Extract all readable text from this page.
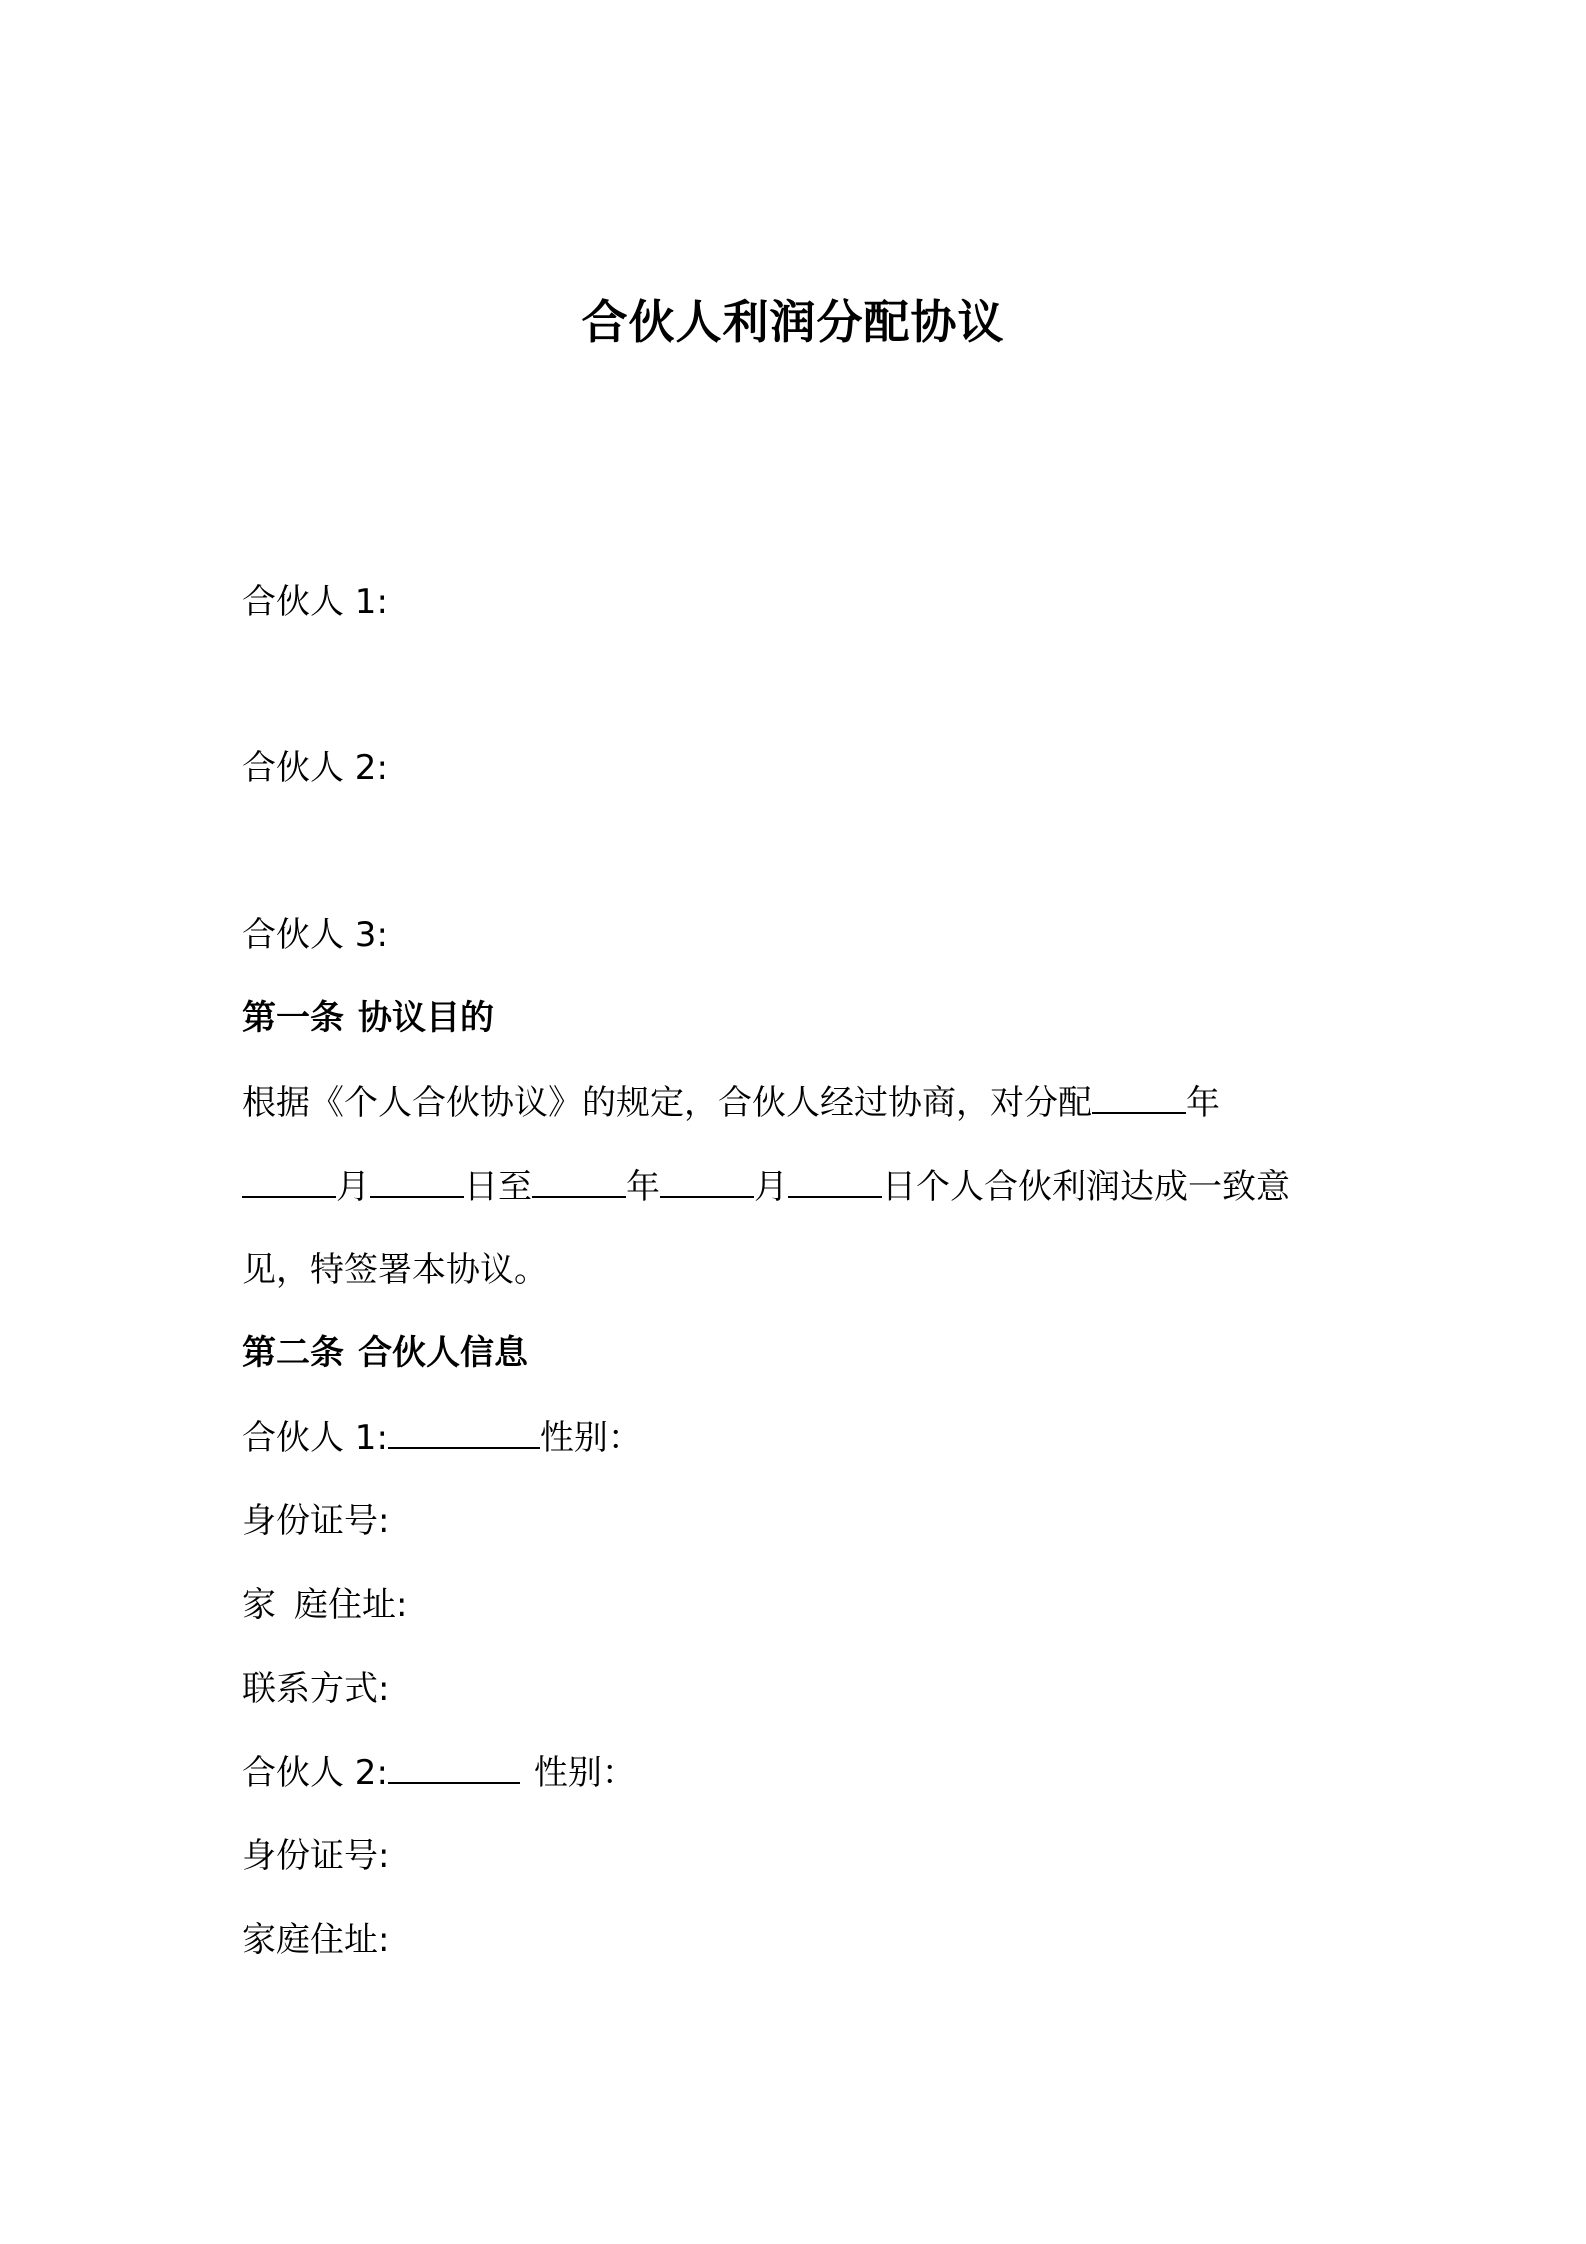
合伙人利润分配协议
合伙人 1:
合伙人 2:
合伙人 3:
第一条 协议目的
根据《个人合伙协议》的规定，合伙人经过协商，对分配	年
月	日至	年	月	日个人合伙利润达成一致意
见，特签署本协议。
第二条 合伙人信息
合伙人 1:	性别：
身份证号:
家 庭住址:
联系方式:
合伙人 2:	性别：
身份证号:
家庭住址:
